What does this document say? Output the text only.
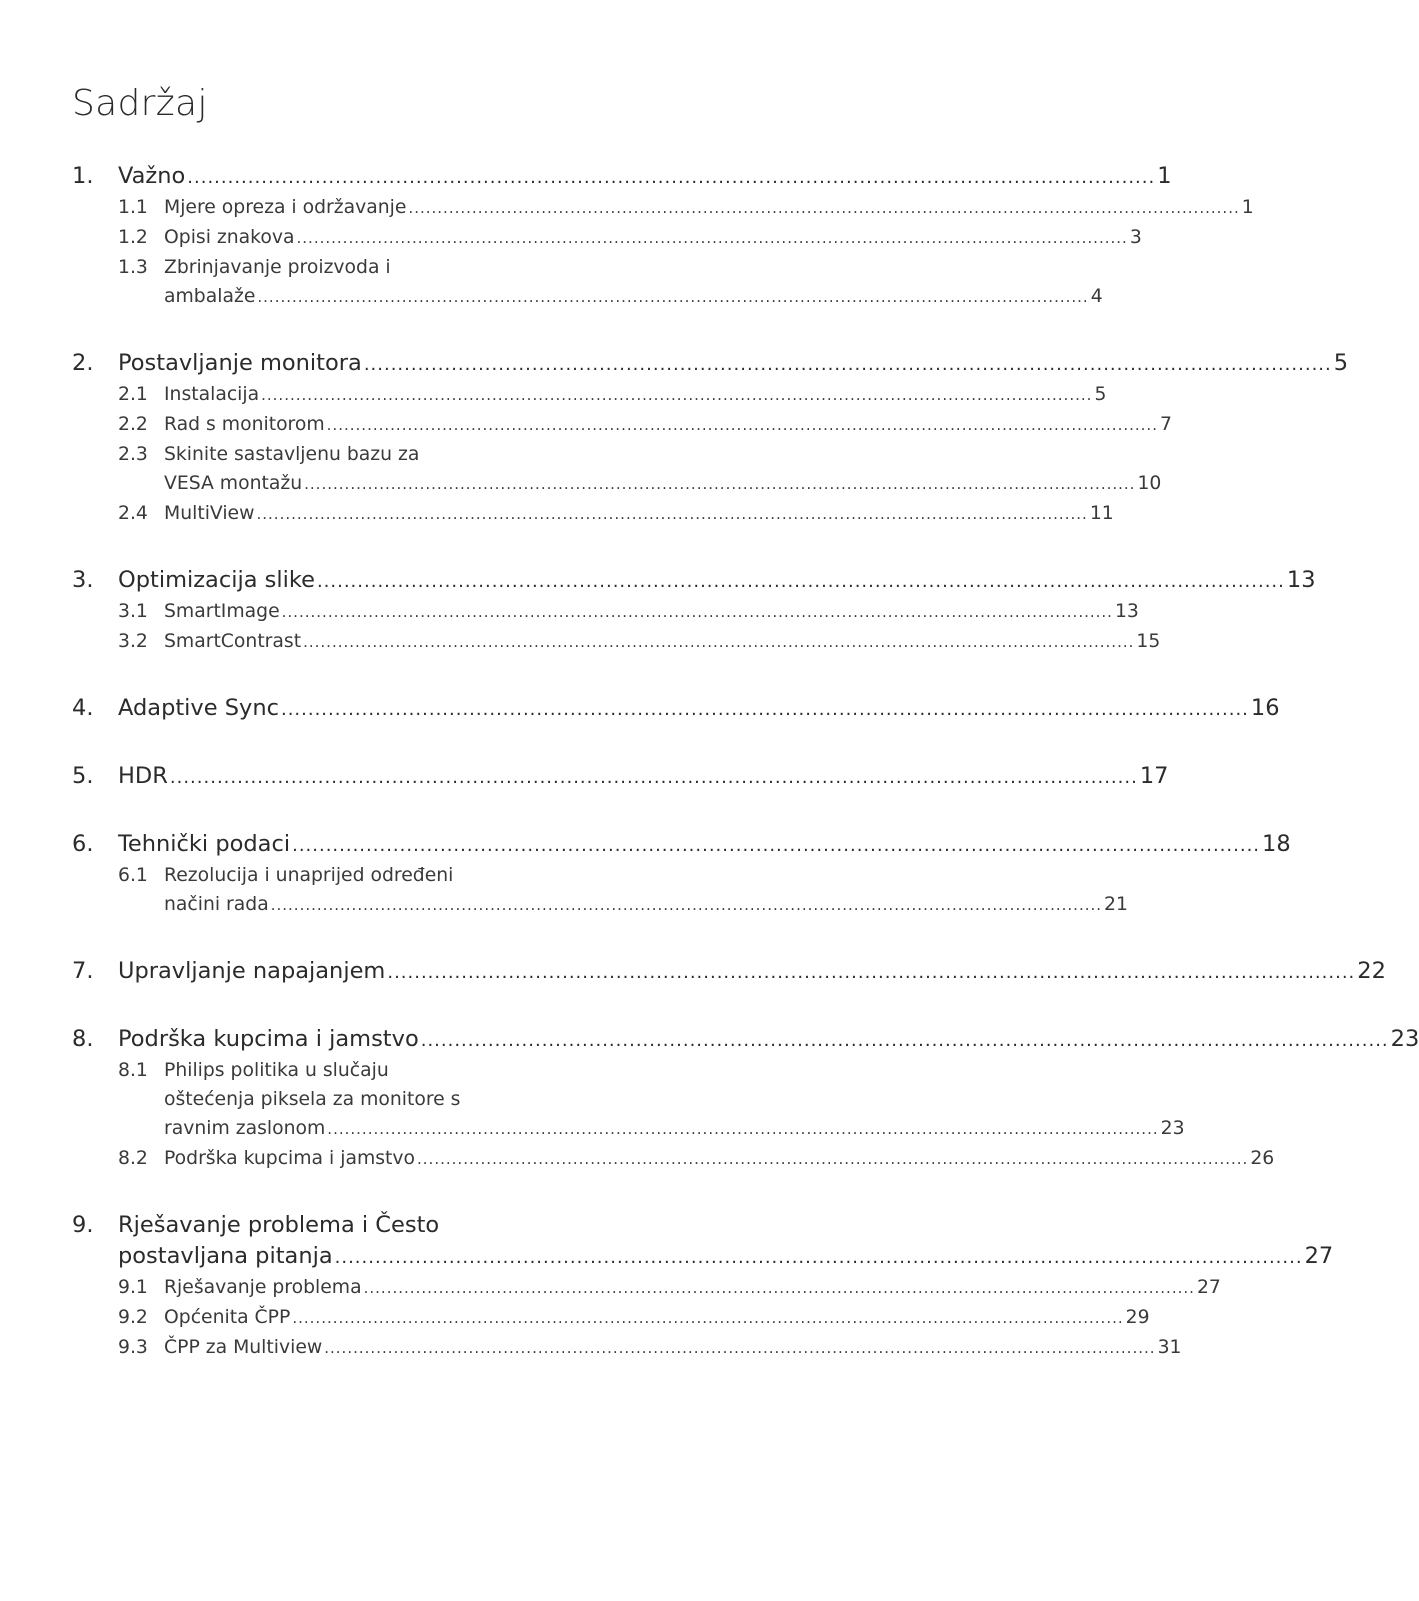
Sadržaj
1.	Važno .....	1
1.1 Mjere opreza i održavanje .....	1
1.2 Opisi znakova .....	3
1.3 Zbrinjavanje proizvoda i
ambalaže .....	4
2.	Postavljanje monitora .....	5
2.1 Instalacija .....	5
2.2 Rad s monitorom .....	7
2.3 Skinite sastavljenu bazu za
VESA montažu .....	10
2.4 MultiView .....	11
3.	Optimizacija slike .....	13
3.1 SmartImage .....	13
3.2 SmartContrast .....	15
4.	Adaptive Sync .....	16
5.	HDR .....	17
6.	Tehnički podaci .....	18
6.1 Rezolucija i unaprijed određeni
načini rada .....	21
7.	Upravljanje napajanjem .....	22
8.	Podrška kupcima i jamstvo .....	23
8.1 Philips politika u slučaju
oštećenja piksela za monitore s
ravnim zaslonom .....	23
8.2 Podrška kupcima i jamstvo .....	26
9.	Rješavanje problema i Često
postavljana pitanja .....	27
9.1 Rješavanje problema .....	27
9.2 Općenita ČPP .....	29
9.3 ČPP za Multiview .....	31
